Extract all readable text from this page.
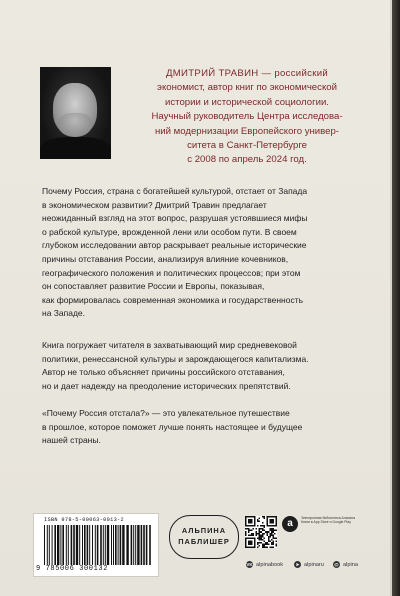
ДМИТРИЙ ТРАВИН — российский
экономист, автор книг по экономической
истории и исторической социологии.
Научный руководитель Центра исследова-
ний модернизации Европейского универ-
ситета в Санкт-Петербурге
с 2008 по апрель 2024 год.

Почему Россия, страна с богатейшей культурой, отстает от Запада

в экономическом развитии? Дмитрий Травин предлагает

неожиданный взгляд на этот вопрос, разрушая устоявшиеся мифы

о рабской культуре, врожденной лени или особом пути. В своем

глубоком исследовании автор раскрывает реальные исторические

причины отставания России, анализируя влияние кочевников,

географического положения и политических процессов; при этом

он сопоставляет развитие России и Европы, показывая,

как формировалась современная экономика и государственность

на Западе.

Книга погружает читателя в захватывающий мир средневековой

политики, ренессансной культуры и зарождающегося капитализма.

Автор не только объясняет причины российского отставания,

но и дает надежду на преодоление исторических препятствий.

«Почему Россия отстала?» — это увлекательное путешествие

в прошлое, которое поможет лучше понять настоящее и будущее

нашей страны.

ISBN 978-5-00063-0013-2
9 785006 300132
АЛЬПИНА
ПАБЛИШЕР
a	Электронная библиотека Альпина Книги в App Store и Google Play
VK alpinabook	➤ alpinaru @ alpina
